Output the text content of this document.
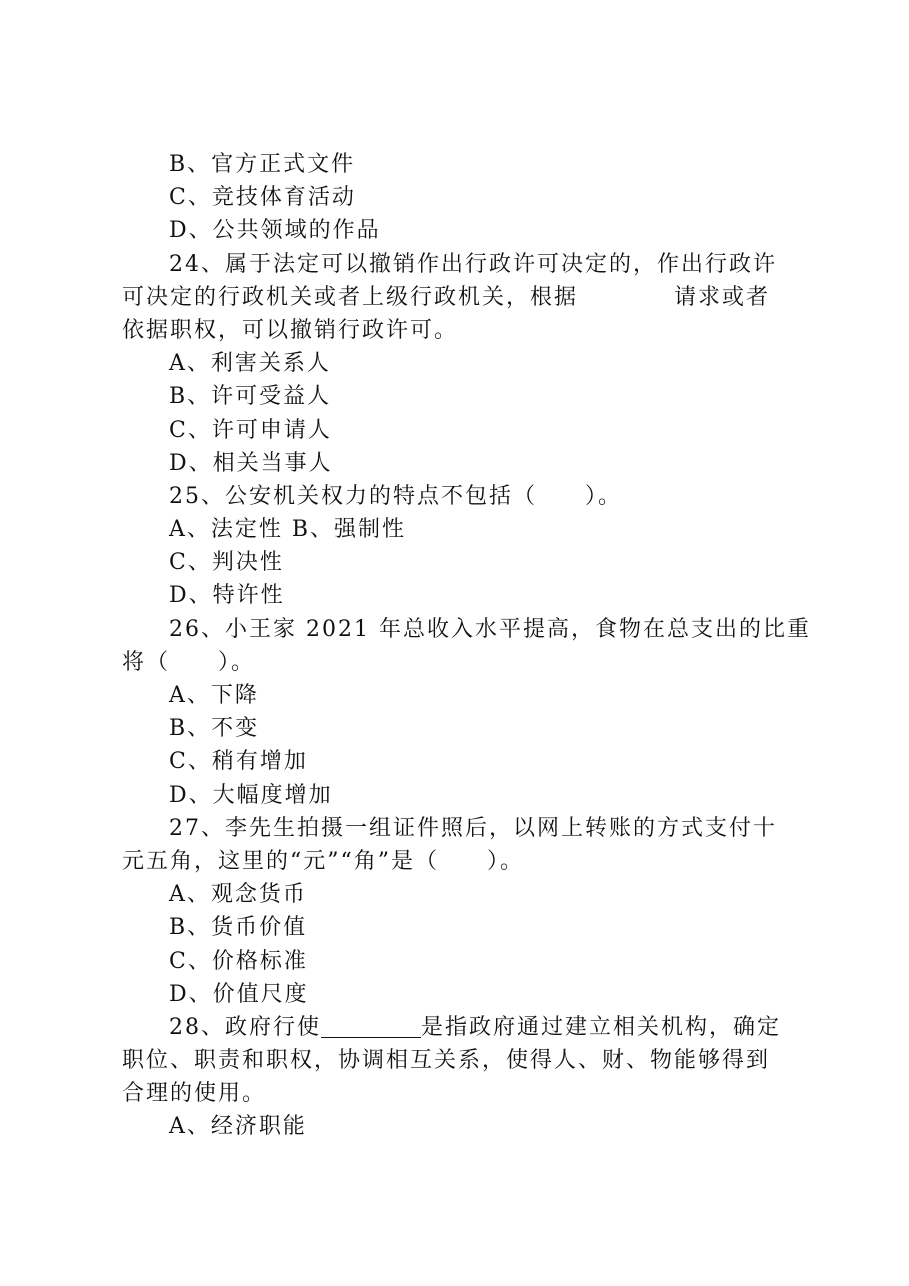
B、官方正式文件
C、竞技体育活动
D、公共领域的作品
24、属于法定可以撤销作出行政许可决定的，作出行政许
可决定的行政机关或者上级行政机关，根据	请求或者
依据职权，可以撤销行政许可。
A、利害关系人
B、许可受益人
C、许可申请人
D、相关当事人
25、公安机关权力的特点不包括（　　）。
A、法定性 B、强制性
C、判决性
D、特许性
26、小王家 2021 年总收入水平提高，食物在总支出的比重
将（　　）。
A、下降
B、不变
C、稍有增加
D、大幅度增加
27、李先生拍摄一组证件照后，以网上转账的方式支付十
元五角，这里的“元”“角”是（　　）。
A、观念货币
B、货币价值
C、价格标准
D、价值尺度
28、政府行使	是指政府通过建立相关机构，确定
职位、职责和职权，协调相互关系，使得人、财、物能够得到
合理的使用。
A、经济职能
